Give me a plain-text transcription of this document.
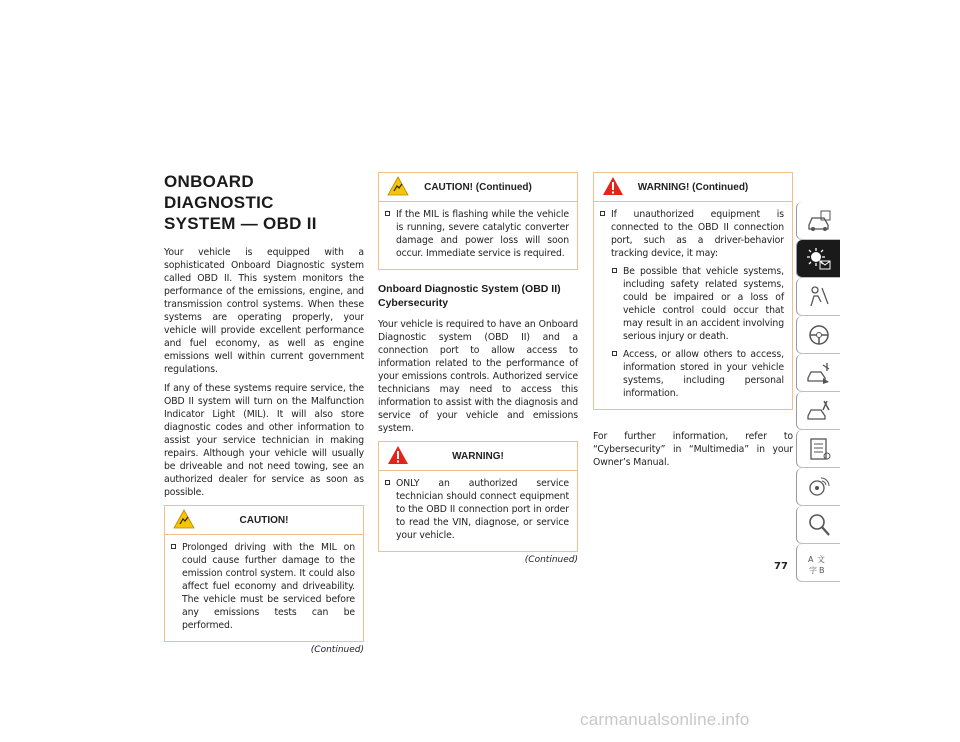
ONBOARD DIAGNOSTIC
SYSTEM — OBD II

Your vehicle is equipped with a sophisticated Onboard Diagnostic system called OBD II. This system monitors the performance of the emissions, engine, and transmission control systems. When these systems are operating properly, your vehicle will provide excellent performance and fuel economy, as well as engine emissions well within current government regulations.

If any of these systems require service, the OBD II system will turn on the Malfunction Indicator Light (MIL). It will also store diagnostic codes and other information to assist your service technician in making repairs. Although your vehicle will usually be driveable and not need towing, see an authorized dealer for service as soon as possible.

CAUTION!
Prolonged driving with the MIL on could cause further damage to the emission control system. It could also affect fuel economy and driveability. The vehicle must be serviced before any emissions tests can be performed.
(Continued)
CAUTION! (Continued)
If the MIL is flashing while the vehicle is running, severe catalytic converter damage and power loss will soon occur. Immediate service is required.
Onboard Diagnostic System (OBD II) Cybersecurity

Your vehicle is required to have an Onboard Diagnostic system (OBD II) and a connection port to allow access to information related to the performance of your emissions controls. Authorized service technicians may need to access this information to assist with the diagnosis and service of your vehicle and emissions system.

WARNING!
ONLY an authorized service technician should connect equipment to the OBD II connection port in order to read the VIN, diagnose, or service your vehicle.
(Continued)
WARNING! (Continued)
If unauthorized equipment is connected to the OBD II connection port, such as a driver-behavior tracking device, it may:
Be possible that vehicle systems, including safety related systems, could be impaired or a loss of vehicle control could occur that may result in an accident involving serious injury or death.
Access, or allow others to access, information stored in your vehicle systems, including personal information.

For further information, refer to “Cybersecurity” in “Multimedia” in your Owner’s Manual.

A 文
字 B
77
carmanualsonline.info
